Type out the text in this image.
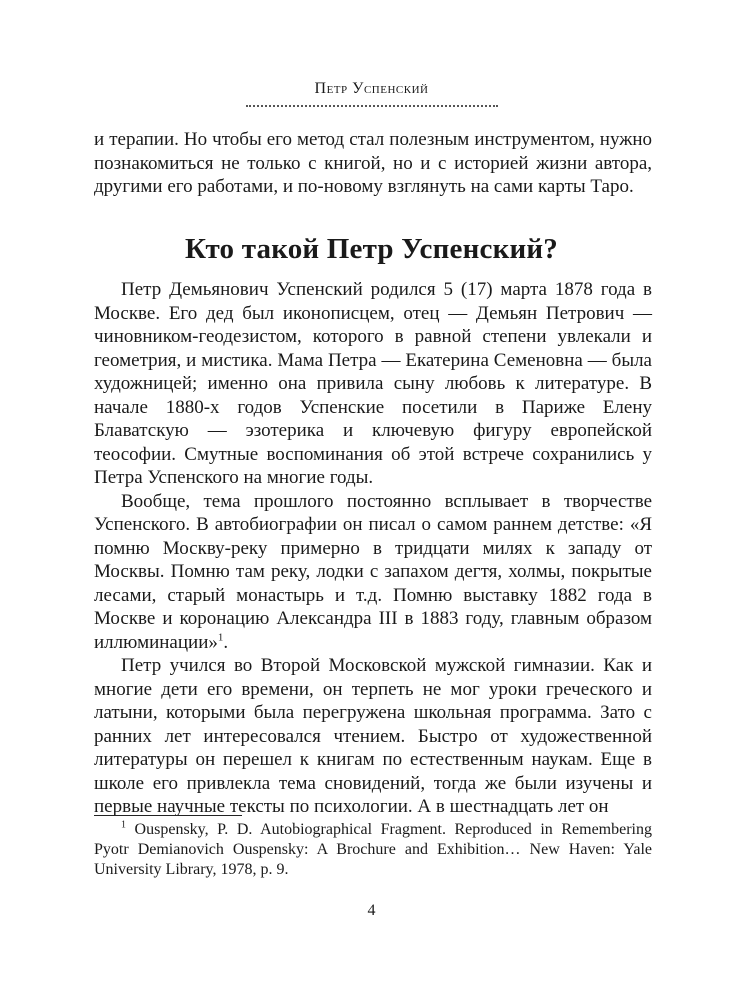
Петр Успенский

и терапии. Но чтобы его метод стал полезным инструментом, нужно познакомиться не только с книгой, но и с историей жизни автора, другими его работами, и по-новому взглянуть на сами карты Таро.

Кто такой Петр Успенский?

Петр Демьянович Успенский родился 5 (17) марта 1878 года в Москве. Его дед был иконописцем, отец — Демьян Петрович — чиновником-геодезистом, которого в равной степени увлекали и геометрия, и мистика. Мама Петра — Екатерина Семеновна — была художницей; именно она привила сыну любовь к литературе. В начале 1880-х годов Успенские посетили в Париже Елену Блаватскую — эзотерика и ключевую фигуру европейской теософии. Смутные воспоминания об этой встрече сохранились у Петра Успенского на многие годы.

Вообще, тема прошлого постоянно всплывает в творчестве Успенского. В автобиографии он писал о самом раннем детстве: «Я помню Москву-реку примерно в тридцати милях к западу от Москвы. Помню там реку, лодки с запахом дегтя, холмы, покрытые лесами, старый монастырь и т.д. Помню выставку 1882 года в Москве и коронацию Александра III в 1883 году, главным образом иллюминации»$^1$.

Петр учился во Второй Московской мужской гимназии. Как и многие дети его времени, он терпеть не мог уроки греческого и латыни, которыми была перегружена школьная программа. Зато с ранних лет интересовался чтением. Быстро от художественной литературы он перешел к книгам по естественным наукам. Еще в школе его привлекла тема сновидений, тогда же были изучены и первые научные тексты по психологии. А в шестнадцать лет он

$^1$ Ouspensky, P. D. Autobiographical Fragment. Reproduced in Remembering Pyotr Demianovich Ouspensky: A Brochure and Exhibition… New Haven: Yale University Library, 1978, p. 9.

4
